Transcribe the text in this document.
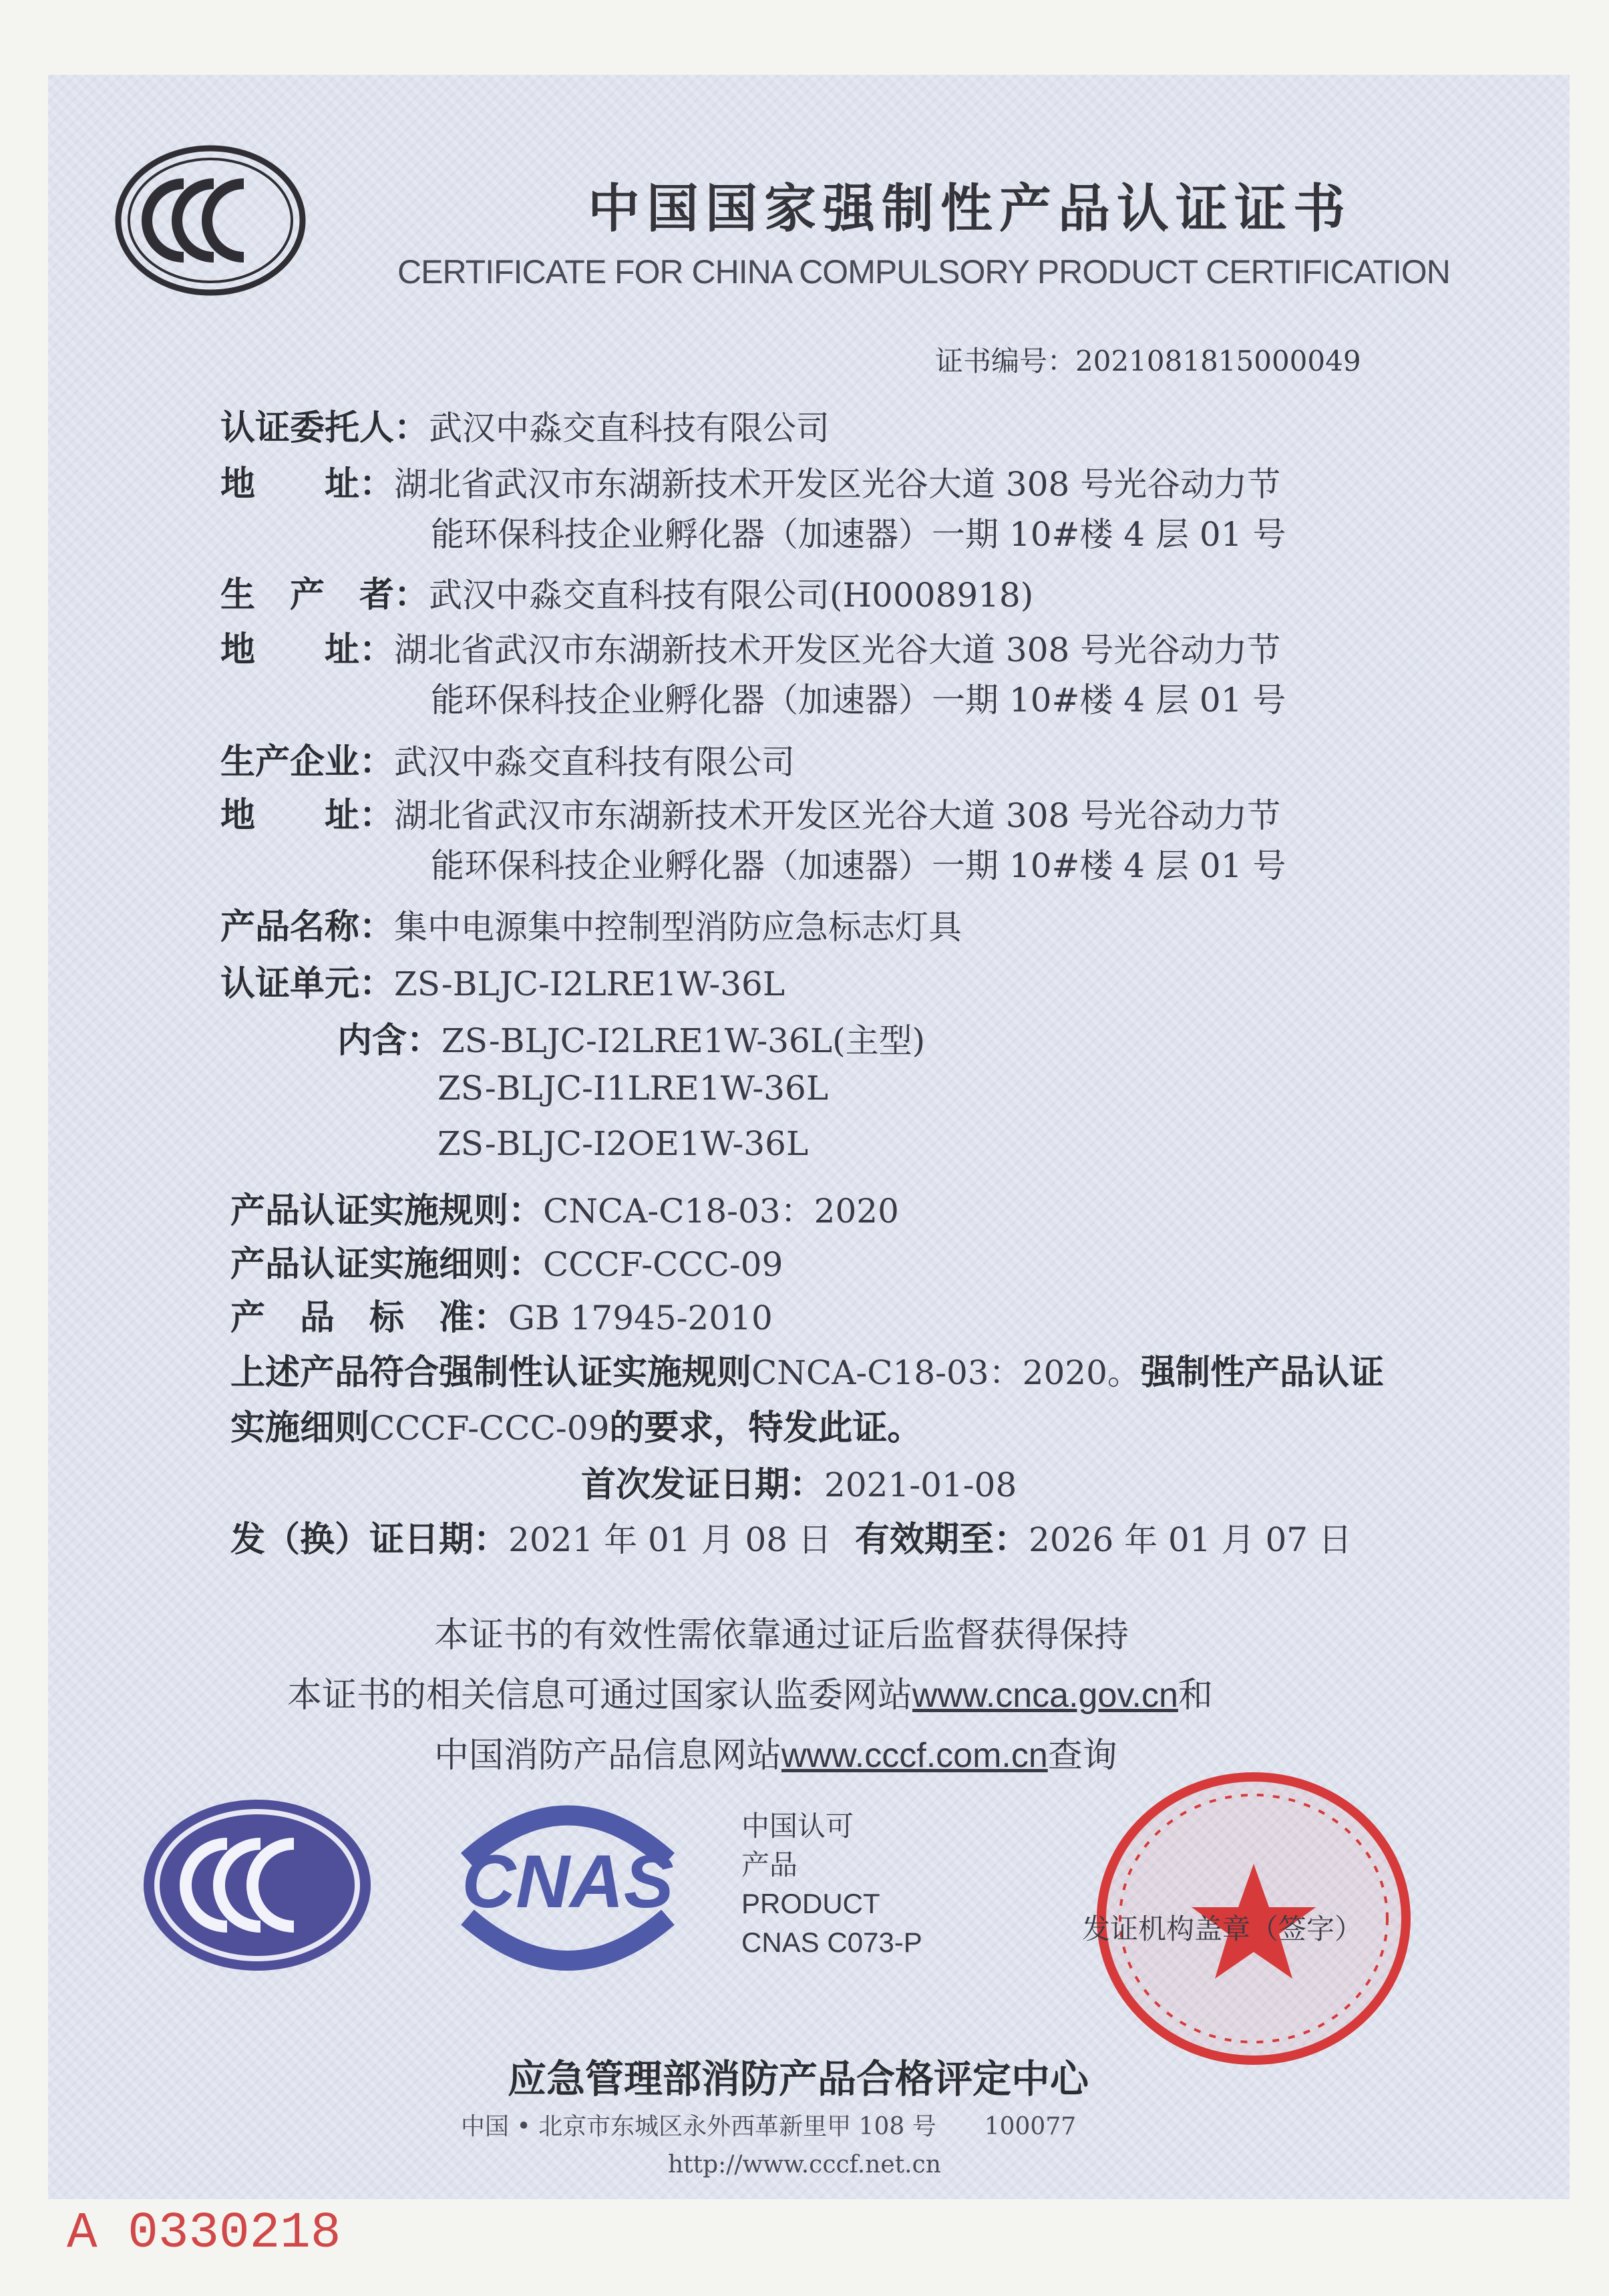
中国国家强制性产品认证证书
CERTIFICATE FOR CHINA COMPULSORY PRODUCT CERTIFICATION
证书编号：2021081815000049
认证委托人：武汉中淼交直科技有限公司
地　　址：湖北省武汉市东湖新技术开发区光谷大道 308 号光谷动力节
能环保科技企业孵化器（加速器）一期 10#楼 4 层 01 号
生　产　者：武汉中淼交直科技有限公司(H0008918)
地　　址：湖北省武汉市东湖新技术开发区光谷大道 308 号光谷动力节
能环保科技企业孵化器（加速器）一期 10#楼 4 层 01 号
生产企业：武汉中淼交直科技有限公司
地　　址：湖北省武汉市东湖新技术开发区光谷大道 308 号光谷动力节
能环保科技企业孵化器（加速器）一期 10#楼 4 层 01 号
产品名称：集中电源集中控制型消防应急标志灯具
认证单元：ZS-BLJC-I2LRE1W-36L
内含：ZS-BLJC-I2LRE1W-36L(主型)
ZS-BLJC-I1LRE1W-36L
ZS-BLJC-I2OE1W-36L
产品认证实施规则：CNCA-C18-03：2020
产品认证实施细则：CCCF-CCC-09
产　品　标　准：GB 17945-2010
上述产品符合强制性认证实施规则CNCA-C18-03：2020。强制性产品认证
实施细则CCCF-CCC-09的要求，特发此证。
首次发证日期：2021-01-08
发（换）证日期：2021 年 01 月 08 日 有效期至：2026 年 01 月 07 日
本证书的有效性需依靠通过证后监督获得保持
本证书的相关信息可通过国家认监委网站www.cnca.gov.cn和
中国消防产品信息网站www.cccf.com.cn查询
CNAS
中国认可
产品
PRODUCT
CNAS C073-P	发证机构盖章（签字）
应急管理部消防产品合格评定中心
中国 • 北京市东城区永外西革新里甲 108 号　　100077
http://www.cccf.net.cn
A 0330218
